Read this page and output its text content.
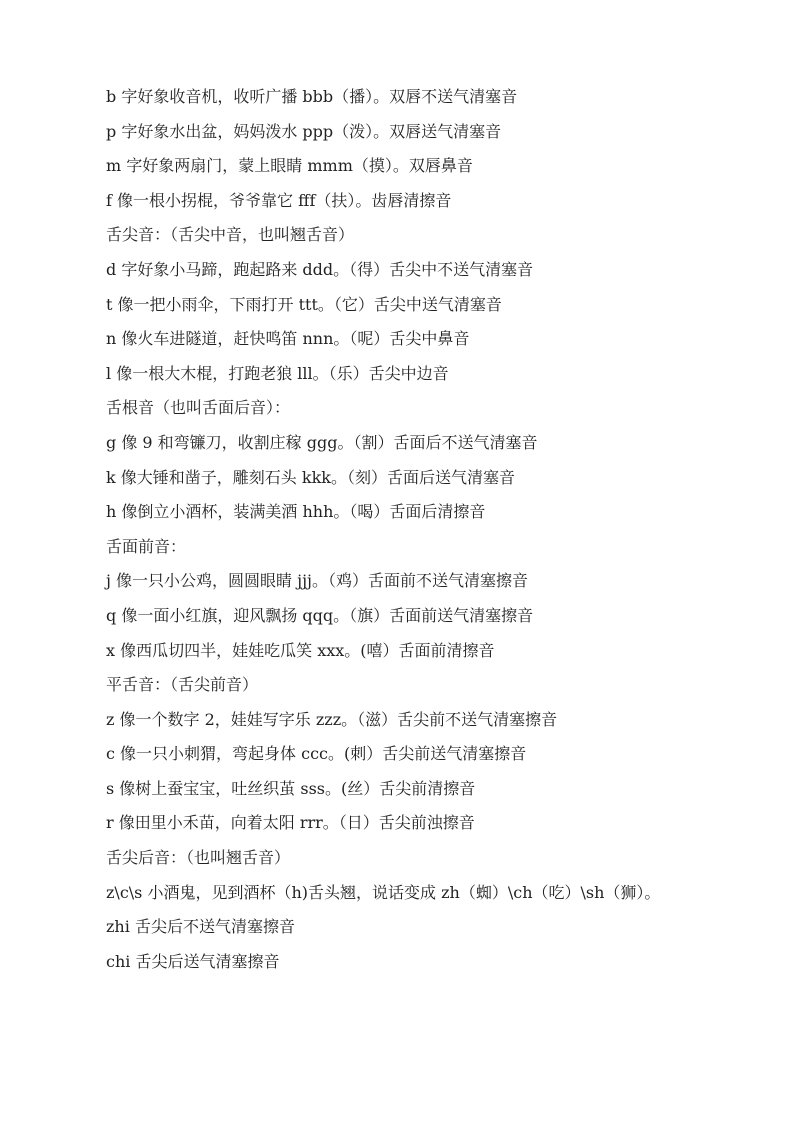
b 字好象收音机，收听广播 bbb（播）。双唇不送气清塞音
p 字好象水出盆，妈妈泼水 ppp（泼）。双唇送气清塞音
m 字好象两扇门，蒙上眼睛 mmm（摸）。双唇鼻音
f 像一根小拐棍，爷爷靠它 fff（扶）。齿唇清擦音
舌尖音：（舌尖中音，也叫翘舌音）
d 字好象小马蹄，跑起路来 ddd。（得）舌尖中不送气清塞音
t 像一把小雨伞，下雨打开 ttt。（它）舌尖中送气清塞音
n 像火车进隧道，赶快鸣笛 nnn。（呢）舌尖中鼻音
l 像一根大木棍，打跑老狼 lll。（乐）舌尖中边音
舌根音（也叫舌面后音）：
g 像 9 和弯镰刀，收割庄稼 ggg。（割）舌面后不送气清塞音
k 像大锤和凿子，雕刻石头 kkk。（刻）舌面后送气清塞音
h 像倒立小酒杯，装满美酒 hhh。（喝）舌面后清擦音
舌面前音：
j 像一只小公鸡，圆圆眼睛 jjj。（鸡）舌面前不送气清塞擦音
q 像一面小红旗，迎风飘扬 qqq。（旗）舌面前送气清塞擦音
x 像西瓜切四半，娃娃吃瓜笑 xxx。(嘻）舌面前清擦音
平舌音：（舌尖前音）
z 像一个数字 2，娃娃写字乐 zzz。（滋）舌尖前不送气清塞擦音
c 像一只小刺猬，弯起身体 ccc。(刺）舌尖前送气清塞擦音
s 像树上蚕宝宝，吐丝织茧 sss。(丝）舌尖前清擦音
r 像田里小禾苗，向着太阳 rrr。（日）舌尖前浊擦音
舌尖后音：（也叫翘舌音）
z\c\s 小酒鬼，见到酒杯（h)舌头翘，说话变成 zh（蜘）\ch（吃）\sh（狮）。
zhi 舌尖后不送气清塞擦音
chi 舌尖后送气清塞擦音
